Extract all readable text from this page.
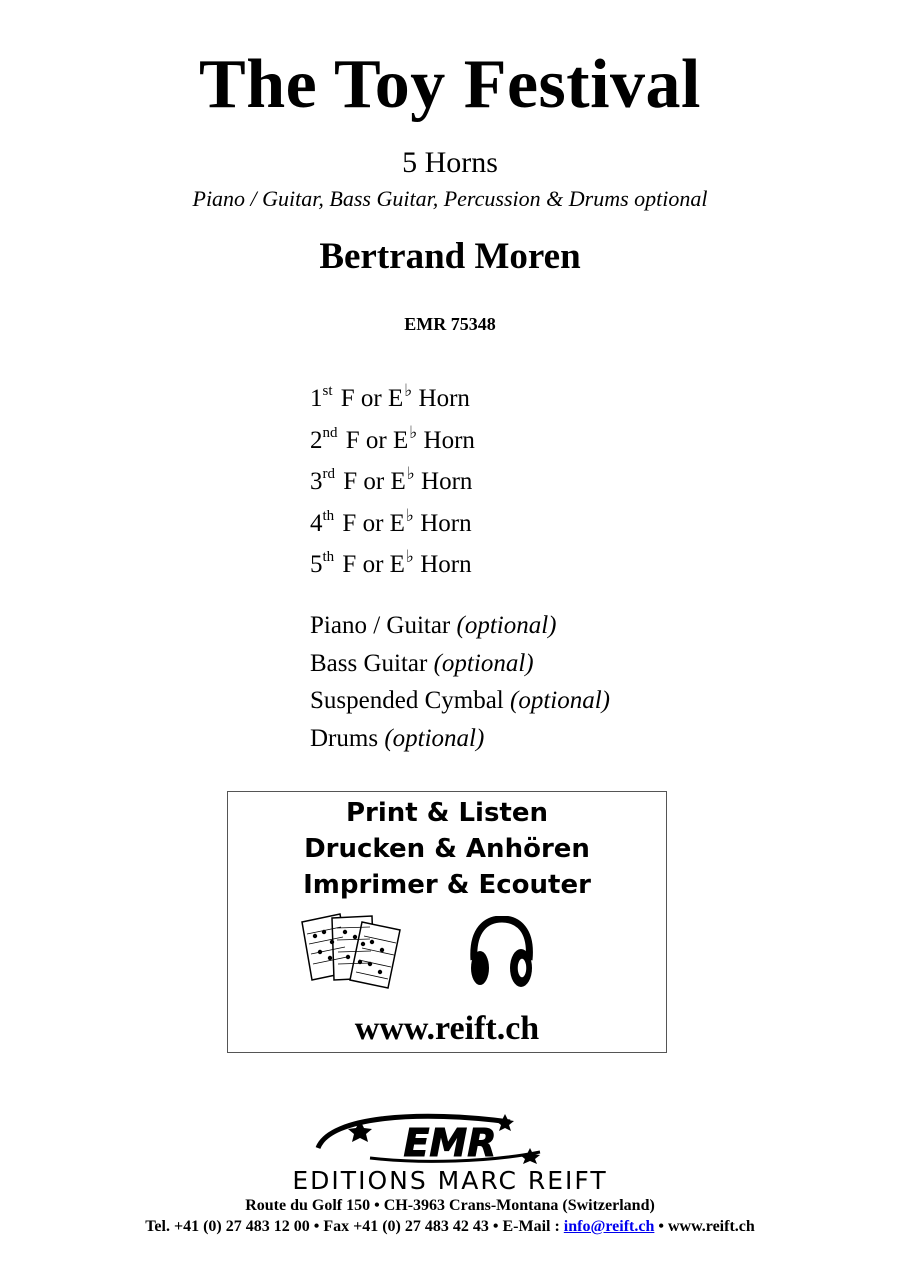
The Toy Festival
5 Horns
Piano / Guitar, Bass Guitar, Percussion & Drums optional
Bertrand Moren
EMR 75348
1st F or E♭ Horn
2nd F or E♭ Horn
3rd F or E♭ Horn
4th F or E♭ Horn
5th F or E♭ Horn
Piano / Guitar (optional)
Bass Guitar (optional)
Suspended Cymbal (optional)
Drums (optional)
Print & Listen
Drucken & Anhören
Imprimer & Ecouter
www.reift.ch
EMR
EDITIONS MARC REIFT
Route du Golf 150 • CH-3963 Crans-Montana (Switzerland)
Tel. +41 (0) 27 483 12 00 • Fax +41 (0) 27 483 42 43 • E-Mail : info@reift.ch • www.reift.ch
